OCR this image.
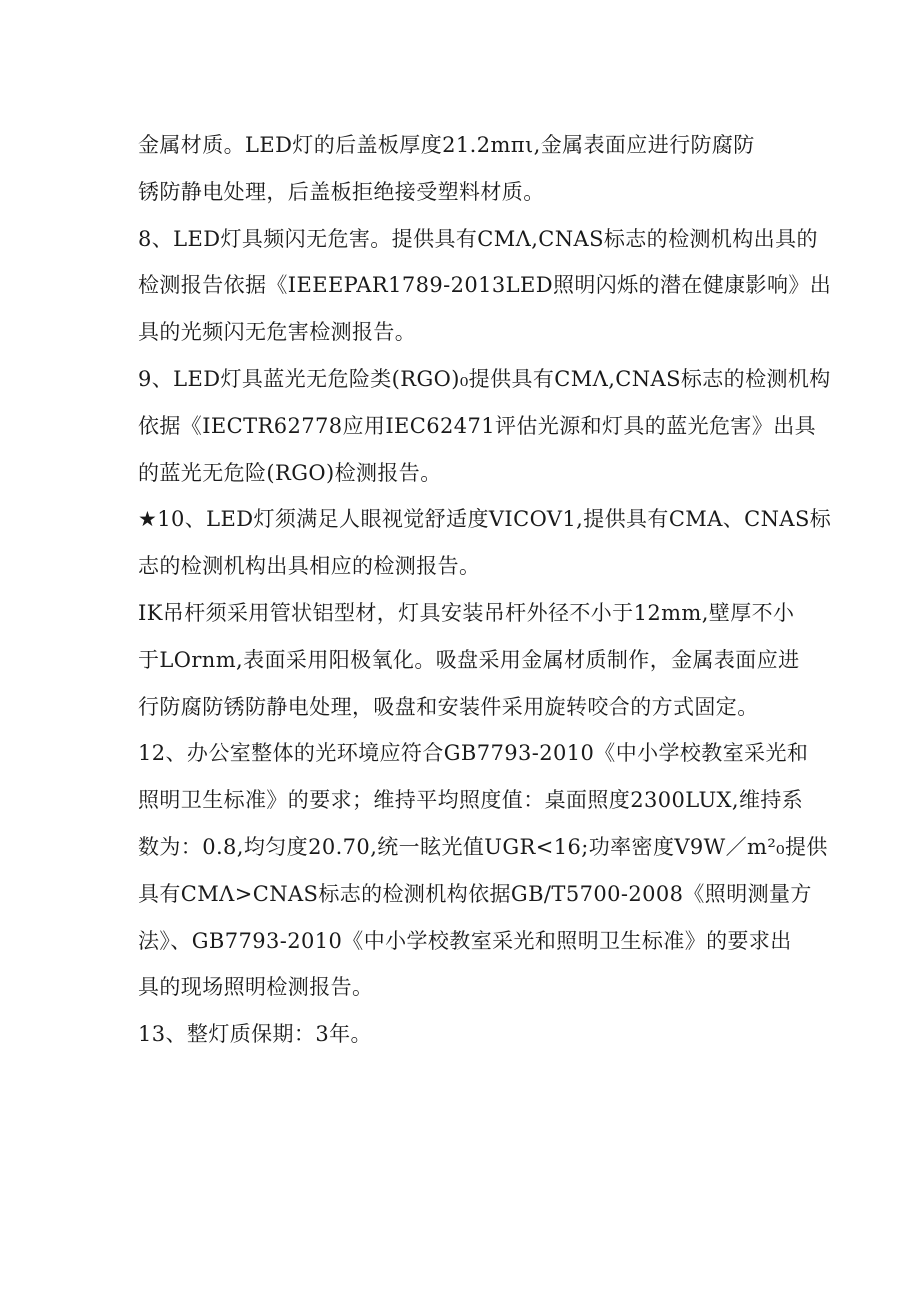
金属材质。LED灯的后盖板厚度21.2mπι,金属表面应进行防腐防
锈防静电处理，后盖板拒绝接受塑料材质。
8、LED灯具频闪无危害。提供具有CMΛ,CNAS标志的检测机构出具的
检测报告依据《IEEEPAR1789-2013LED照明闪烁的潜在健康影响》出
具的光频闪无危害检测报告。
9、LED灯具蓝光无危险类(RGO)₀提供具有CMΛ,CNAS标志的检测机构
依据《IECTR62778应用IEC62471评估光源和灯具的蓝光危害》出具
的蓝光无危险(RGO)检测报告。
★10、LED灯须满足人眼视觉舒适度VICOV1,提供具有CMA、CNAS标
志的检测机构出具相应的检测报告。
IK吊杆须采用管状铝型材，灯具安装吊杆外径不小于12mm,壁厚不小
于LOrnm,表面采用阳极氧化。吸盘采用金属材质制作，金属表面应进
行防腐防锈防静电处理，吸盘和安装件采用旋转咬合的方式固定。
12、办公室整体的光环境应符合GB7793-2010《中小学校教室采光和
照明卫生标准》的要求；维持平均照度值：桌面照度2300LUX,维持系
数为：0.8,均匀度20.70,统一眩光值UGR<16;功率密度V9W／m²₀提供
具有CMΛ>CNAS标志的检测机构依据GB/T5700-2008《照明测量方
法》、GB7793-2010《中小学校教室采光和照明卫生标准》的要求出
具的现场照明检测报告。
13、整灯质保期：3年。
